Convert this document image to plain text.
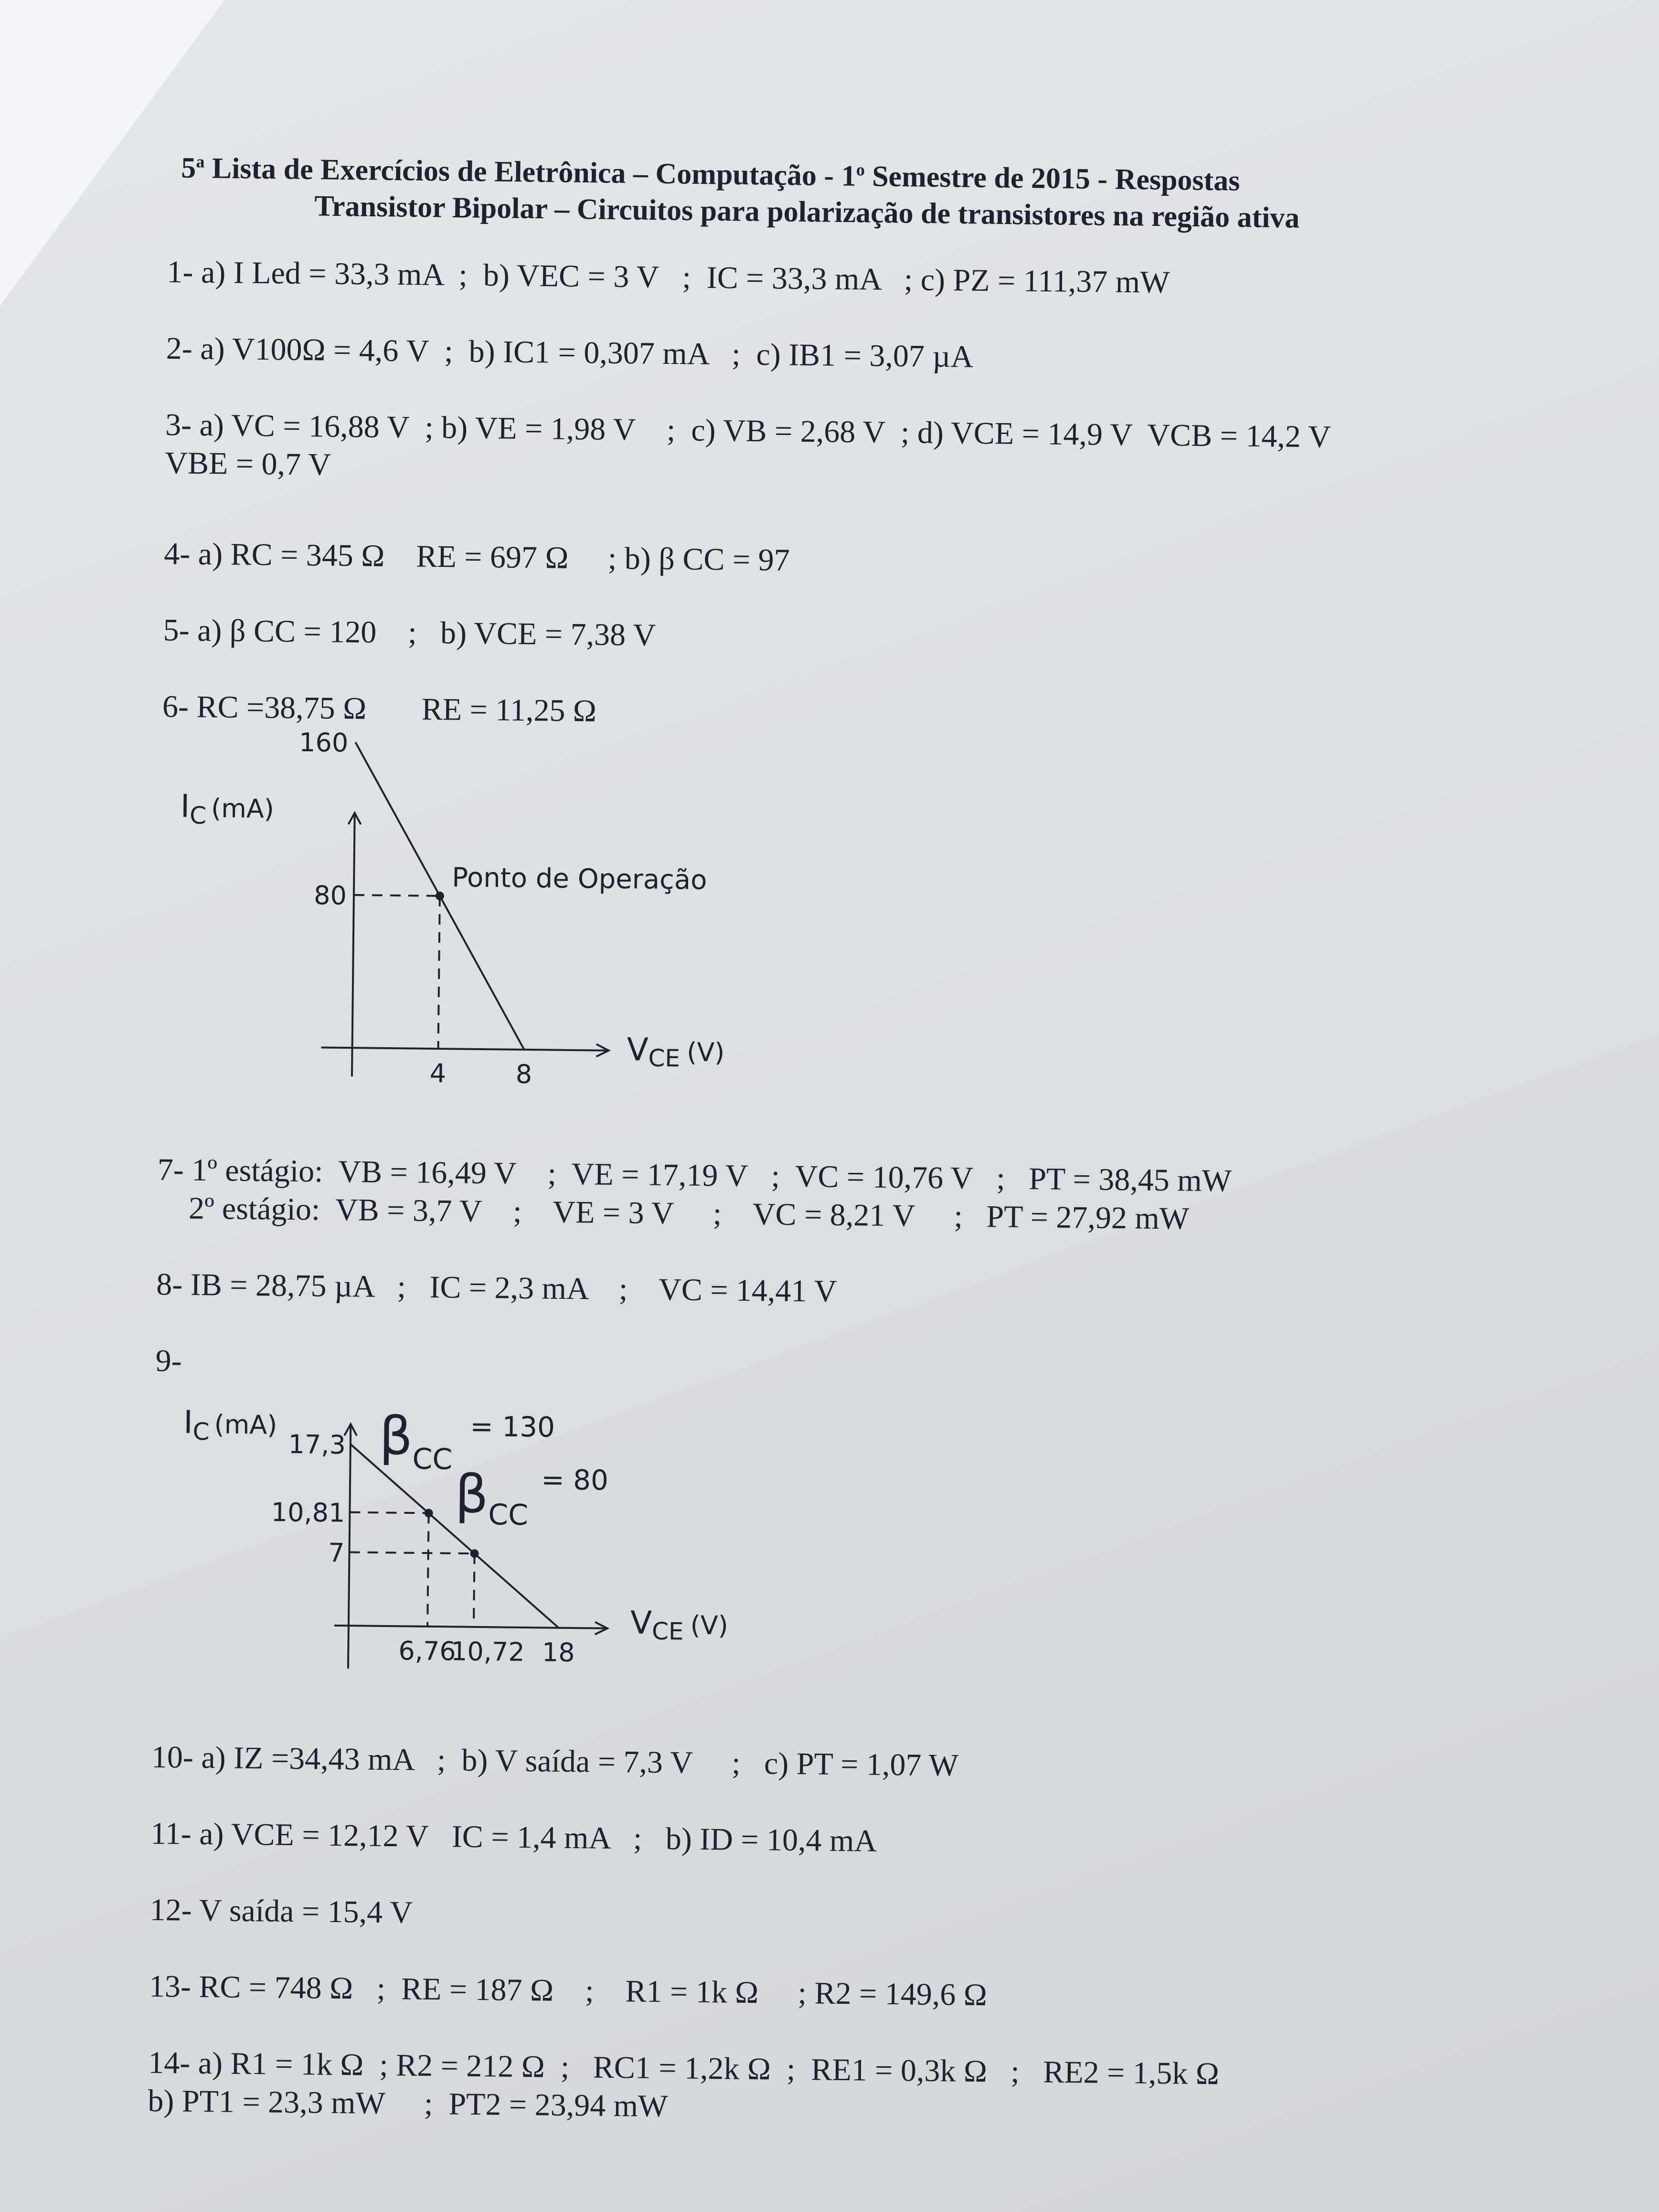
5$^a$ Lista de Exercícios de Eletrônica – Computação - 1$^o$ Semestre de 2015 - Respostas
Transistor Bipolar – Circuitos para polarização de transistores na região ativa

1- a) I Led = 33,3 mA  ;  b) VEC = 3 V   ;  IC = 33,3 mA   ; c) PZ = 111,37 mW

2- a) V100Ω = 4,6 V  ;  b) IC1 = 0,307 mA   ;  c) IB1 = 3,07 µA

3- a) VC = 16,88 V  ; b) VE = 1,98 V    ;  c) VB = 2,68 V  ; d) VCE = 14,9 V  VCB = 14,2 V

VBE = 0,7 V

4- a) RC = 345 Ω    RE = 697 Ω     ; b) β CC = 97

5- a) β CC = 120    ;   b) VCE = 7,38 V

6- RC =38,75 Ω       RE = 11,25 Ω

$I_C$ $^{(mA)}$
VCE (V)
160
80
4	8
Ponto de Operação

7- 1º estágio:  VB = 16,49 V    ;  VE = 17,19 V   ;  VC = 10,76 V   ;   PT = 38,45 mW

2º estágio:  VB = 3,7 V    ;    VE = 3 V     ;    VC = 8,21 V     ;   PT = 27,92 mW

8- IB = 28,75 µA   ;   IC = 2,3 mA    ;    VC = 14,41 V

9-

$I_C$ $^{(mA)}$
VCE (V)
17,3
10,81
7
6,76
10,72 18
β
CC
= 130
β
CC
= 80

10- a) IZ =34,43 mA   ;  b) V saída = 7,3 V     ;   c) PT = 1,07 W

11- a) VCE = 12,12 V   IC = 1,4 mA   ;   b) ID = 10,4 mA

12- V saída = 15,4 V

13- RC = 748 Ω   ;  RE = 187 Ω    ;    R1 = 1k Ω     ; R2 = 149,6 Ω

14- a) R1 = 1k Ω  ; R2 = 212 Ω  ;   RC1 = 1,2k Ω  ;  RE1 = 0,3k Ω   ;   RE2 = 1,5k Ω

b) PT1 = 23,3 mW     ;  PT2 = 23,94 mW
